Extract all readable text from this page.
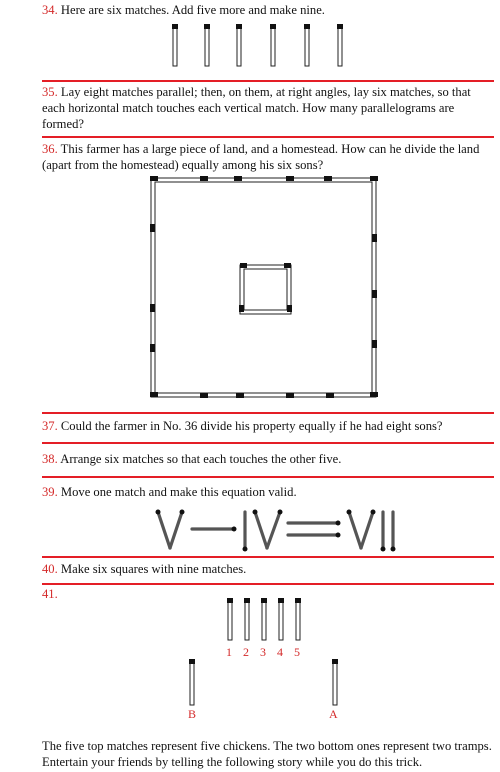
34. Here are six matches. Add five more and make nine.

35. Lay eight matches parallel; then, on them, at right angles, lay six matches, so that each horizontal match touches each vertical match. How many parallelograms are formed?

36. This farmer has a large piece of land, and a homestead. How can he divide the land (apart from the homestead) equally among his six sons?

37. Could the farmer in No. 36 divide his property equally if he had eight sons?

38. Arrange six matches so that each touches the other five.

39. Move one match and make this equation valid.

40. Make six squares with nine matches.

41.

1 2 3 4 5
B	A

The five top matches represent five chickens. The two bottom ones represent two tramps. Entertain your friends by telling the following story while you do this trick.
